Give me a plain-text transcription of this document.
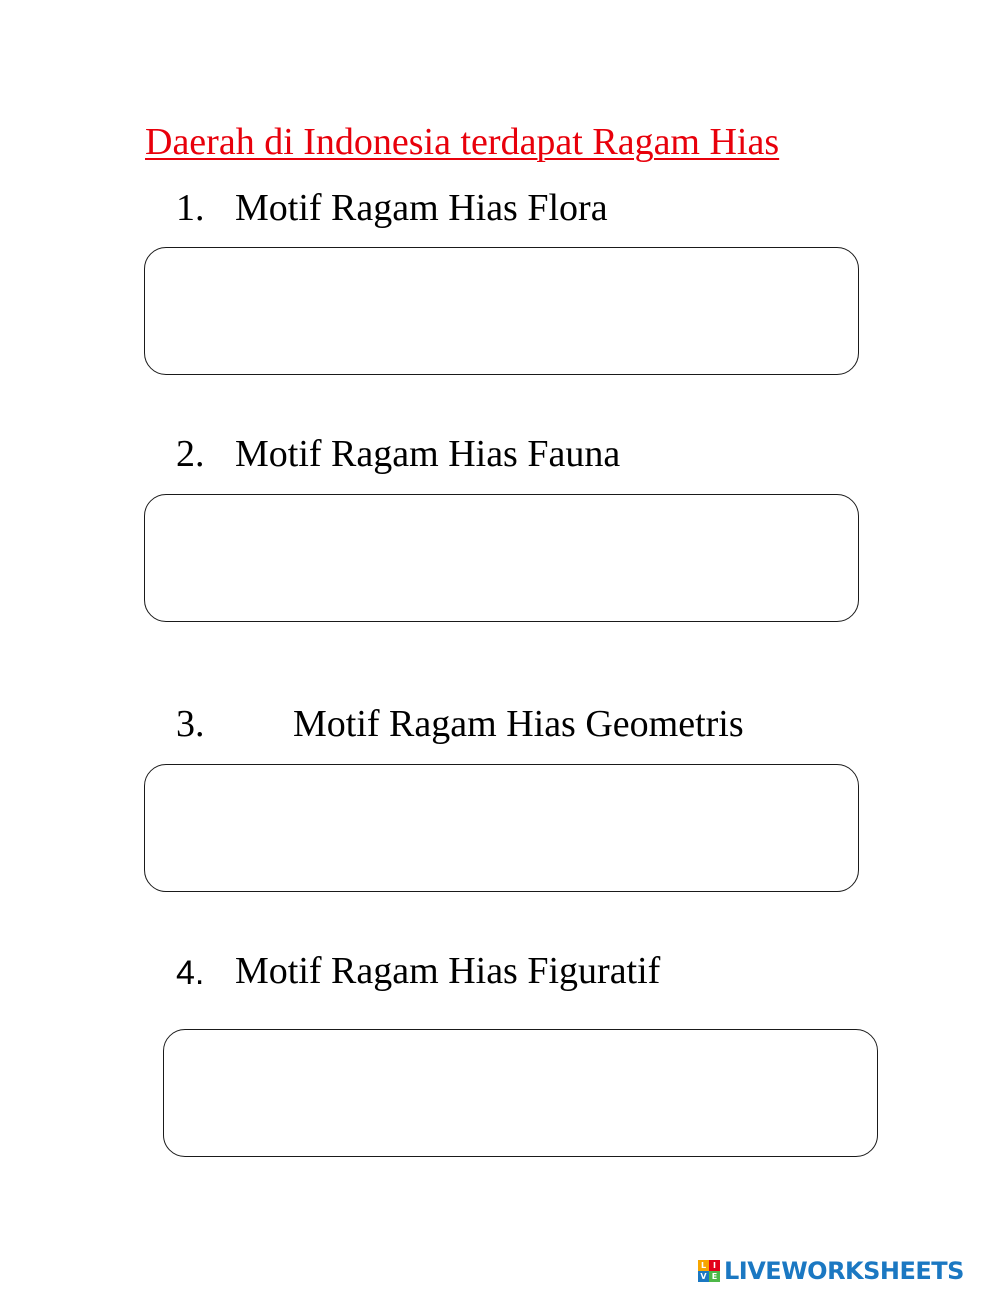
Daerah di Indonesia terdapat Ragam Hias
1. Motif Ragam Hias Flora
2. Motif Ragam Hias Fauna
3. Motif Ragam Hias Geometris
4. Motif Ragam Hias Figuratif
L I
V E LIVEWORKSHEETS
